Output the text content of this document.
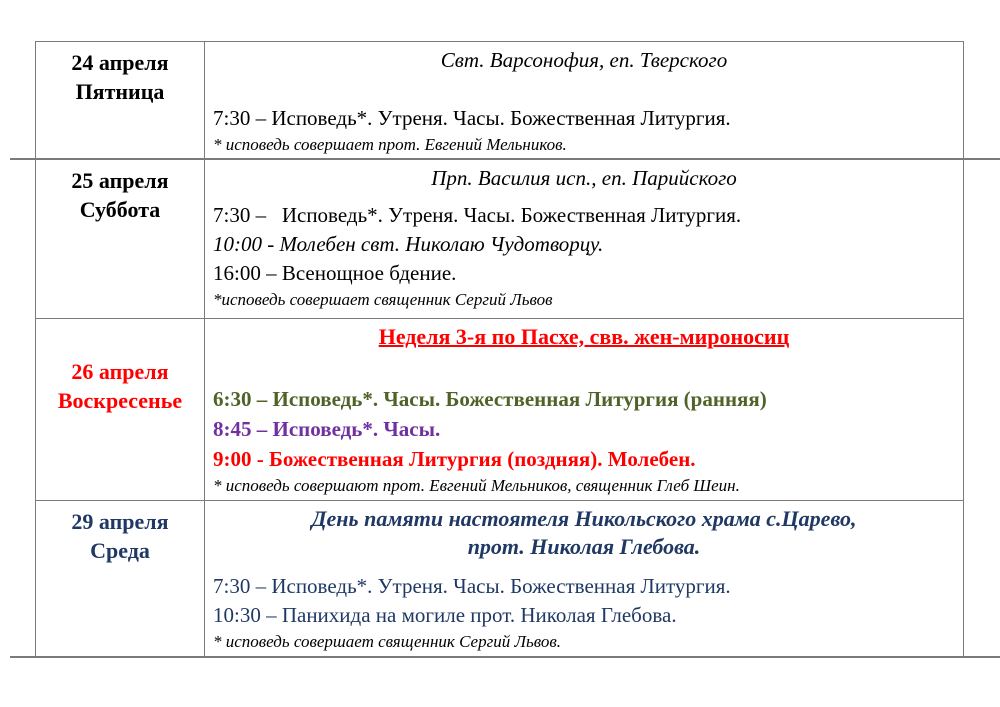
24 апреля
Пятница

Свт. Варсонофия, еп. Тверского
7:30 – Исповедь*. Утреня. Часы. Божественная Литургия.
* исповедь совершает прот. Евгений Мельников.

25 апреля
Суббота

Прп. Василия исп., еп. Парийского
7:30 –   Исповедь*. Утреня. Часы. Божественная Литургия.
10:00 - Молебен свт. Николаю Чудотворцу.
16:00 – Всенощное бдение.
*исповедь совершает священник Сергий Львов

26 апреля
Воскресенье

Неделя 3-я по Пасхе, свв. жен-мироносиц
6:30 – Исповедь*. Часы. Божественная Литургия (ранняя)
8:45 – Исповедь*. Часы.
9:00 - Божественная Литургия (поздняя). Молебен.
* исповедь совершают прот. Евгений Мельников, священник Глеб Шеин.

29 апреля
Среда

День памяти настоятеля Никольского храма с.Царево,
прот. Николая Глебова.
7:30 – Исповедь*. Утреня. Часы. Божественная Литургия.
10:30 – Панихида на могиле прот. Николая Глебова.
* исповедь совершает священник Сергий Львов.
